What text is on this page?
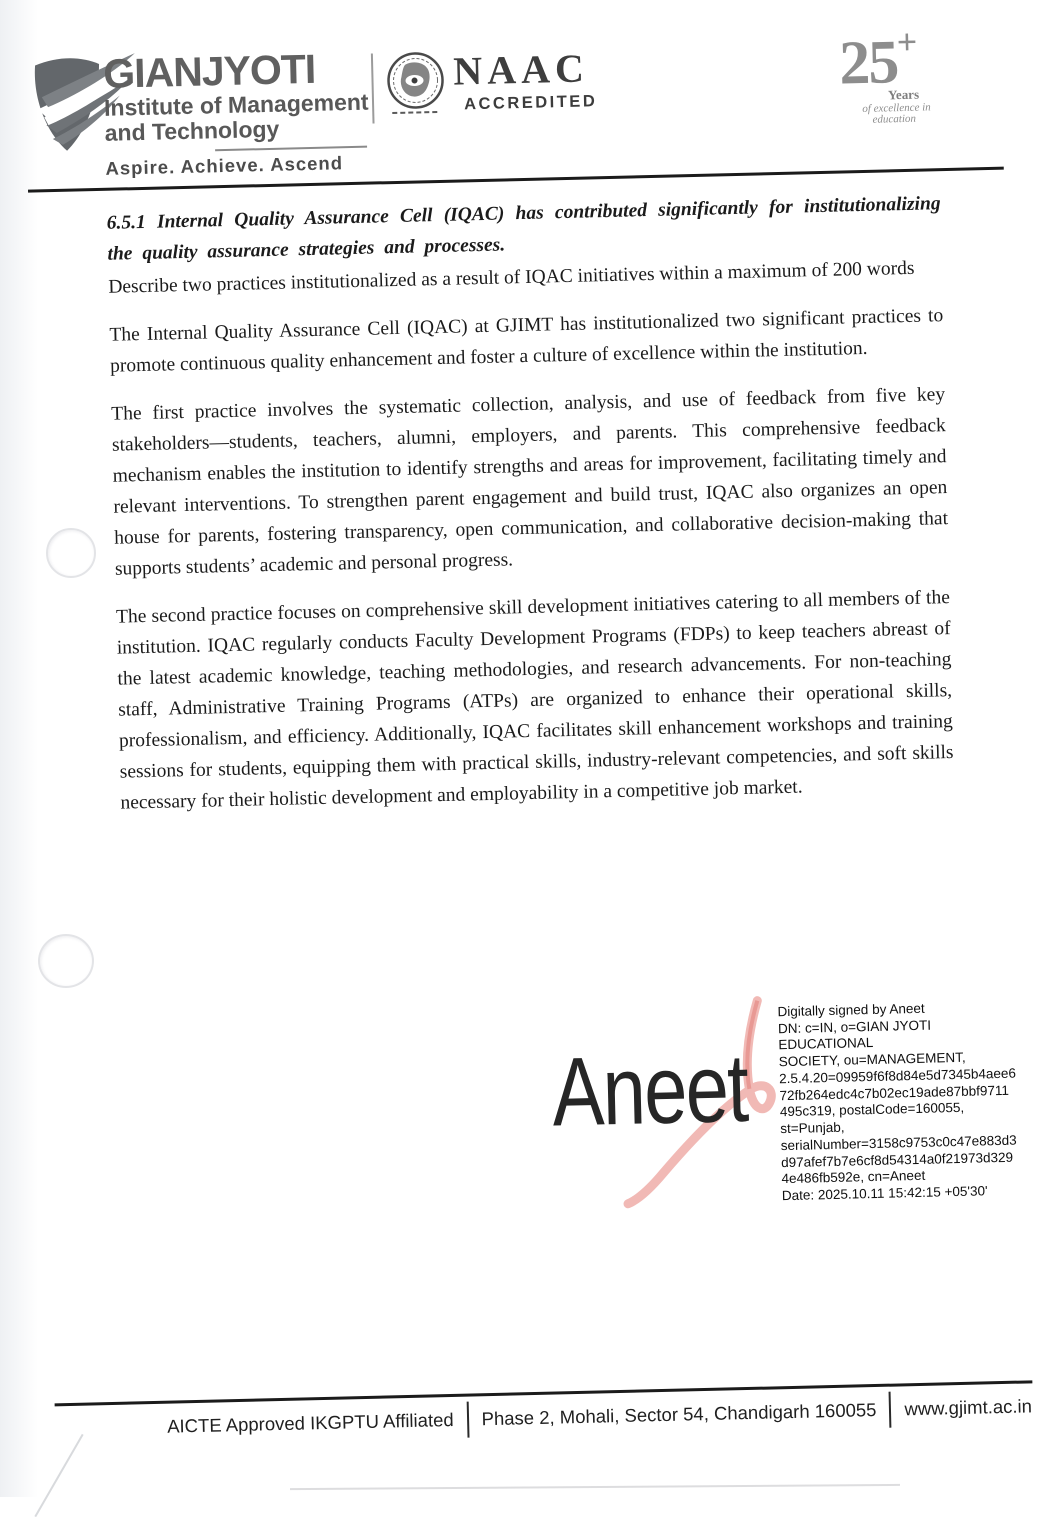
GIANJYOTI
Institute of Management
and Technology
Aspire. Achieve. Ascend
NAAC
ACCREDITED
25+
Years
of excellence in
education

6.5.1 Internal Quality Assurance Cell (IQAC) has contributed significantly for institutionalizing the quality assurance strategies and processes.

Describe two practices institutionalized as a result of IQAC initiatives within a maximum of 200 words

The Internal Quality Assurance Cell (IQAC) at GJIMT has institutionalized two significant practices to promote continuous quality enhancement and foster a culture of excellence within the institution.

The first practice involves the systematic collection, analysis, and use of feedback from five key stakeholders—students, teachers, alumni, employers, and parents. This comprehensive feedback mechanism enables the institution to identify strengths and areas for improvement, facilitating timely and relevant interventions. To strengthen parent engagement and build trust, IQAC also organizes an open house for parents, fostering transparency, open communication, and collaborative decision-making that supports students’ academic and personal progress.

The second practice focuses on comprehensive skill development initiatives catering to all members of the institution. IQAC regularly conducts Faculty Development Programs (FDPs) to keep teachers abreast of the latest academic knowledge, teaching methodologies, and research advancements. For non-teaching staff, Administrative Training Programs (ATPs) are organized to enhance their operational skills, professionalism, and efficiency. Additionally, IQAC facilitates skill enhancement workshops and training sessions for students, equipping them with practical skills, industry-relevant competencies, and soft skills necessary for their holistic development and employability in a competitive job market.

Aneet
Digitally signed by Aneet
DN: c=IN, o=GIAN JYOTI EDUCATIONAL
SOCIETY, ou=MANAGEMENT,
2.5.4.20=09959f6f8d84e5d7345b4aee6
72fb264edc4c7b02ec19ade87bbf9711
495c319, postalCode=160055,
st=Punjab,
serialNumber=3158c9753c0c47e883d3
d97afef7b7e6cf8d54314a0f21973d329
4e486fb592e, cn=Aneet
Date: 2025.10.11 15:42:15 +05'30'
AICTE Approved IKGPTU Affiliated Phase 2, Mohali, Sector 54, Chandigarh 160055 www.gjimt.ac.in
